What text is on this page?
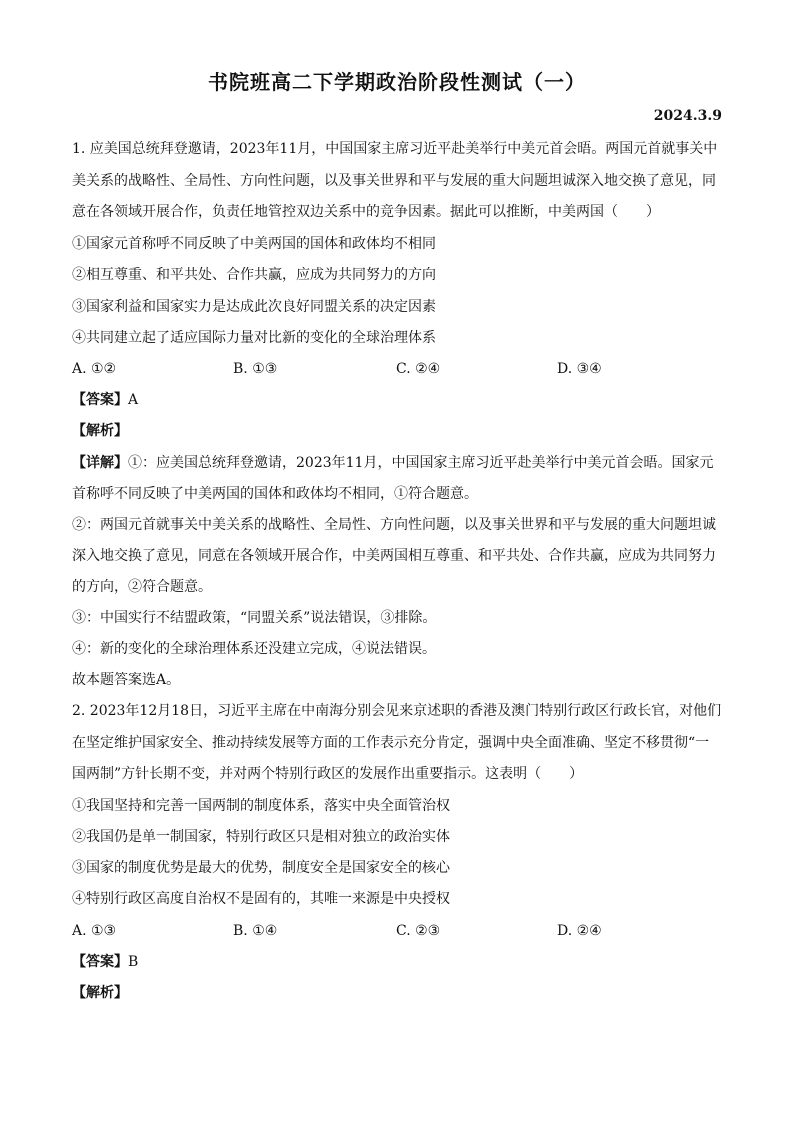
书院班高二下学期政治阶段性测试（一）
2024.3.9
1. 应美国总统拜登邀请，2023年11月，中国国家主席习近平赴美举行中美元首会晤。两国元首就事关中
美关系的战略性、全局性、方向性问题，以及事关世界和平与发展的重大问题坦诚深入地交换了意见，同
意在各领域开展合作，负责任地管控双边关系中的竞争因素。据此可以推断，中美两国（　　）
①国家元首称呼不同反映了中美两国的国体和政体均不相同
②相互尊重、和平共处、合作共赢，应成为共同努力的方向
③国家利益和国家实力是达成此次良好同盟关系的决定因素
④共同建立起了适应国际力量对比新的变化的全球治理体系
A. ①②	B. ①③	C. ②④	D. ③④
【答案】A
【解析】
【详解】①：应美国总统拜登邀请，2023年11月，中国国家主席习近平赴美举行中美元首会晤。国家元
首称呼不同反映了中美两国的国体和政体均不相同，①符合题意。
②：两国元首就事关中美关系的战略性、全局性、方向性问题，以及事关世界和平与发展的重大问题坦诚
深入地交换了意见，同意在各领域开展合作，中美两国相互尊重、和平共处、合作共赢，应成为共同努力
的方向，②符合题意。
③：中国实行不结盟政策，“同盟关系”说法错误，③排除。
④：新的变化的全球治理体系还没建立完成，④说法错误。
故本题答案选A。
2. 2023年12月18日，习近平主席在中南海分别会见来京述职的香港及澳门特别行政区行政长官，对他们
在坚定维护国家安全、推动持续发展等方面的工作表示充分肯定，强调中央全面准确、坚定不移贯彻“一
国两制”方针长期不变，并对两个特别行政区的发展作出重要指示。这表明（　　）
①我国坚持和完善一国两制的制度体系，落实中央全面管治权
②我国仍是单一制国家，特别行政区只是相对独立的政治实体
③国家的制度优势是最大的优势，制度安全是国家安全的核心
④特别行政区高度自治权不是固有的，其唯一来源是中央授权
A. ①③	B. ①④	C. ②③	D. ②④
【答案】B
【解析】
